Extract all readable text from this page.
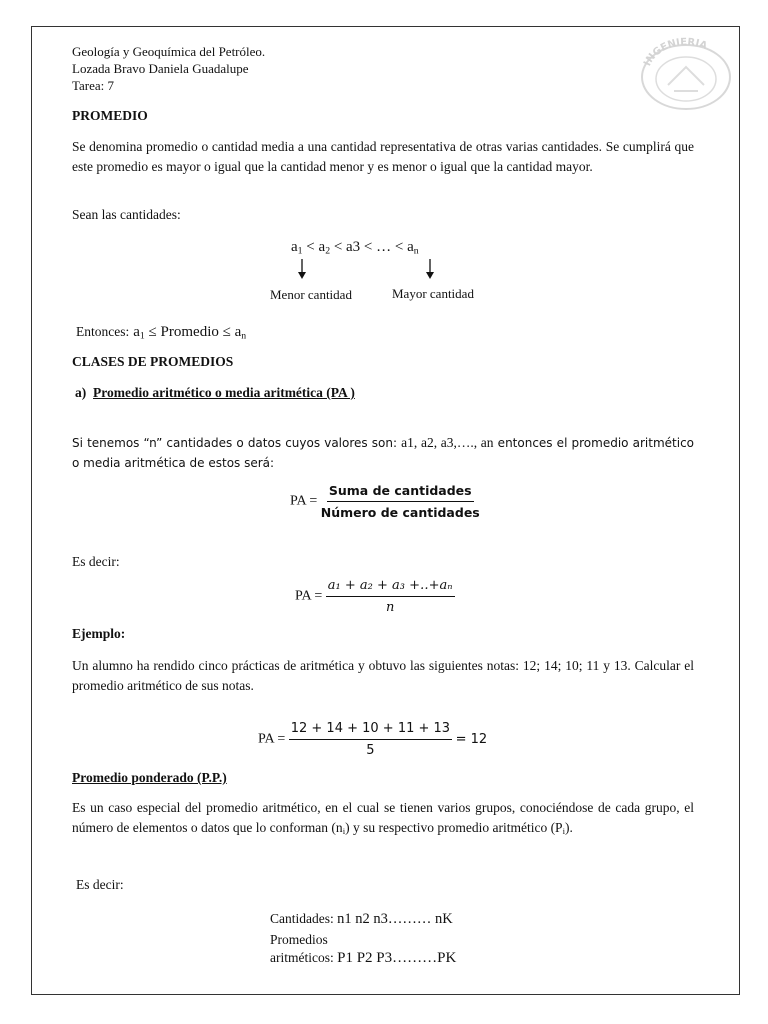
Geología y Geoquímica del Petróleo.
Lozada Bravo Daniela Guadalupe
Tarea: 7
INGENIERIA
PROMEDIO
Se denomina promedio o cantidad media a una cantidad representativa de otras varias cantidades. Se cumplirá que este promedio es mayor o igual que la cantidad menor y es menor o igual que la cantidad mayor.
Sean las cantidades:
$a_1 < a_2 < a3$ < … < $a_n$
Menor cantidad	Mayor cantidad
Entonces: $a_1$ ≤ Promedio ≤ $a_n$
CLASES DE PROMEDIOS
a) Promedio aritmético o media aritmética (PA )
Si tenemos “n” cantidades o datos cuyos valores son: a1, a2, a3,…., an entonces el promedio aritmético o media aritmética de estos será:
PA = $\frac{\text{Suma de cantidades}}{\text{Número de cantidades}}$
Es decir:
PA = $\frac{\text{a₁ + a₂ + a₃ +‥+aₙ}}{n}$
Ejemplo:
Un alumno ha rendido cinco prácticas de aritmética y obtuvo las siguientes notas: 12; 14; 10; 11 y 13. Calcular el promedio aritmético de sus notas.
PA = $\frac{12 + 14 + 10 + 11 + 13}{5} = 12$
Promedio ponderado (P.P.)
Es un caso especial del promedio aritmético, en el cual se tienen varios grupos, conociéndose de cada grupo, el número de elementos o datos que lo conforman $(n_i)$ y su respectivo promedio aritmético $(P_i)$.
Es decir:
Cantidades: n1 n2 n3……… nK
Promedios
aritméticos: P1 P2 P3………PK
